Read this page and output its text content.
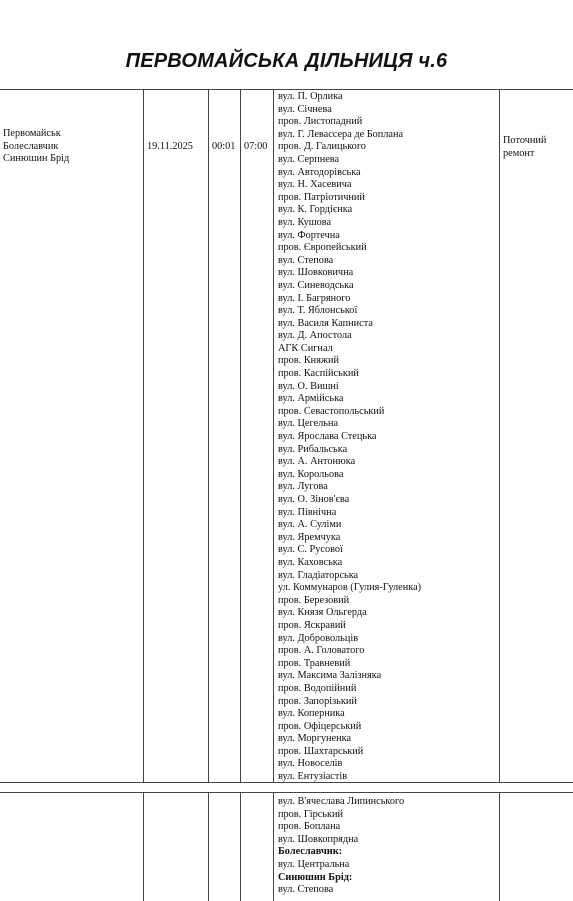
ПЕРВОМАЙСЬКА ДІЛЬНИЦЯ ч.6
Первомайськ
Болеславчик
Синюшин Брід
19.11.2025 00:01 07:00
Поточний
ремонт
вул. П. Орлика
вул. Січнева
пров. Листопадний
вул. Г. Левассера де Боплана
пров. Д. Галицького
вул. Серпнева
вул. Автодорівська
вул. Н. Хасевича
пров. Патріотичний
вул. К. Гордієнка
вул. Кушова
вул. Фортечна
пров. Європейський
вул. Степова
вул. Шовковична
вул. Синеводська
вул. І. Багряного
вул. Т. Яблонської
вул. Василя Капниста
вул. Д. Апостола
АГК Сигнал
пров. Княжий
пров. Каспійський
вул. О. Вишні
вул. Армійська
пров. Севастопольський
вул. Цегельна
вул. Ярослава Стецька
вул. Рибальська
вул. А. Антонюка
вул. Корольова
вул. Лугова
вул. О. Зінов'єва
вул. Північна
вул. А. Суліми
вул. Яремчука
вул. С. Русової
вул. Каховська
вул. Гладіаторська
ул. Коммунаров (Гулия-Гуленка)
пров. Березовий
вул. Князя Ольгерда
пров. Яскравий
вул. Добровольців
пров. А. Головатого
пров. Травневий
вул. Максима Залізняка
пров. Водопійний
пров. Запорізький
вул. Коперника
пров. Офіцерський
вул. Моргуненка
пров. Шахтарський
вул. Новоселів
вул. Ентузіастів
вул. В'ячеслава Липинського
пров. Гірський
пров. Боплана
вул. Шовкопрядна
Болеславчик:
вул. Центральна
Синюшин Брід:
вул. Степова
